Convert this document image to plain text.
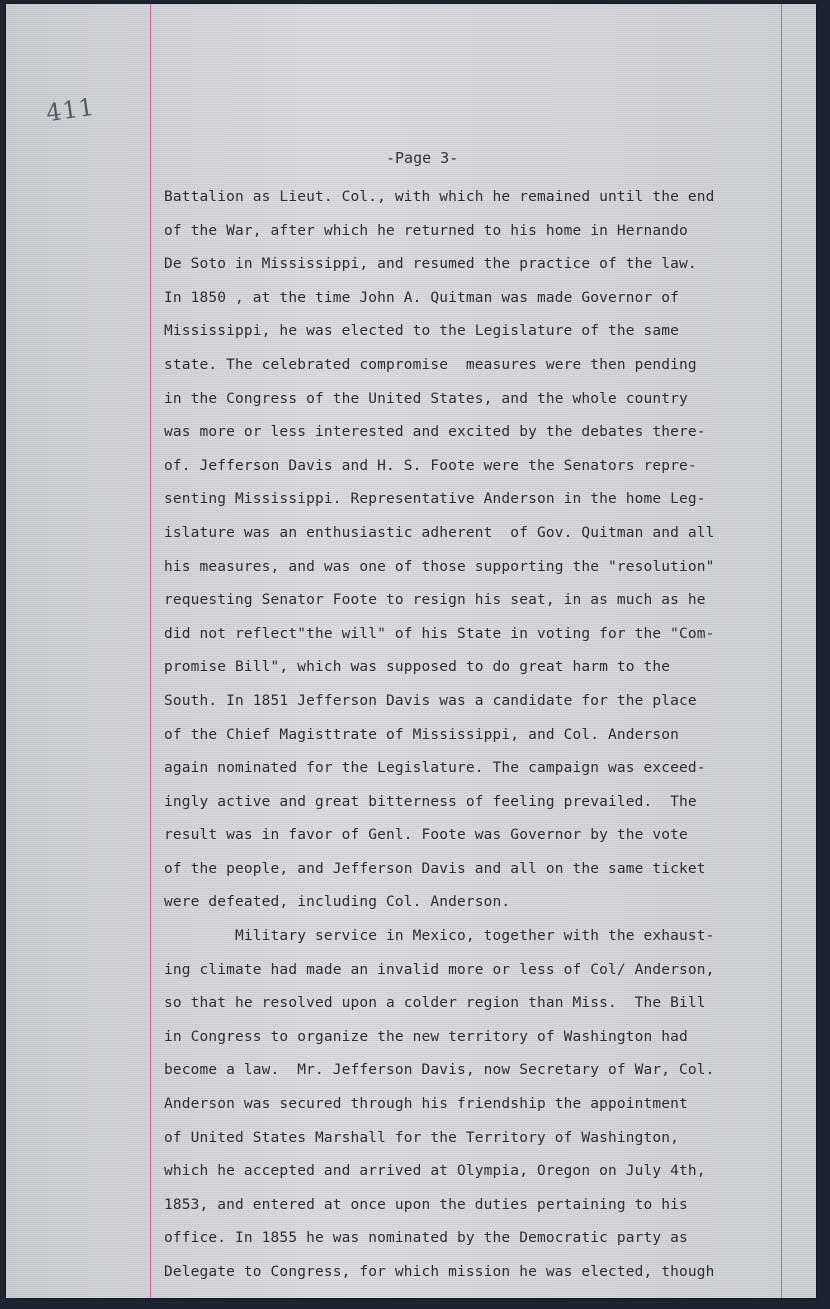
411
-Page 3-
Battalion as Lieut. Col., with which he remained until the end
of the War, after which he returned to his home in Hernando
De Soto in Mississippi, and resumed the practice of the law.
In 1850 , at the time John A. Quitman was made Governor of
Mississippi, he was elected to the Legislature of the same
state. The celebrated compromise  measures were then pending
in the Congress of the United States, and the whole country
was more or less interested and excited by the debates there-
of. Jefferson Davis and H. S. Foote were the Senators repre-
senting Mississippi. Representative Anderson in the home Leg-
islature was an enthusiastic adherent  of Gov. Quitman and all
his measures, and was one of those supporting the "resolution"
requesting Senator Foote to resign his seat, in as much as he
did not reflect"the will" of his State in voting for the "Com-
promise Bill", which was supposed to do great harm to the
South. In 1851 Jefferson Davis was a candidate for the place
of the Chief Magisttrate of Mississippi, and Col. Anderson
again nominated for the Legislature. The campaign was exceed-
ingly active and great bitterness of feeling prevailed.  The
result was in favor of Genl. Foote was Governor by the vote
of the people, and Jefferson Davis and all on the same ticket
were defeated, including Col. Anderson.
Military service in Mexico, together with the exhaust-
ing climate had made an invalid more or less of Col/ Anderson,
so that he resolved upon a colder region than Miss.  The Bill
in Congress to organize the new territory of Washington had
become a law.  Mr. Jefferson Davis, now Secretary of War, Col.
Anderson was secured through his friendship the appointment
of United States Marshall for the Territory of Washington,
which he accepted and arrived at Olympia, Oregon on July 4th,
1853, and entered at once upon the duties pertaining to his
office. In 1855 he was nominated by the Democratic party as
Delegate to Congress, for which mission he was elected, though
